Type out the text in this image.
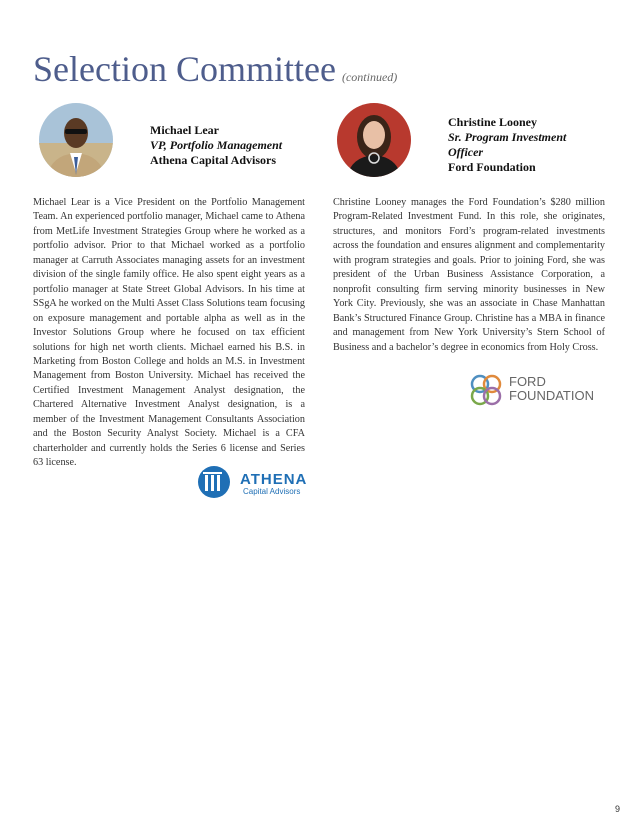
Selection Committee (continued)
Michael Lear
VP, Portfolio Management
Athena Capital Advisors
Michael Lear is a Vice President on the Portfolio Management Team. An experienced portfolio manager, Michael came to Athena from MetLife Investment Strategies Group where he worked as a portfolio advisor. Prior to that Michael worked as a portfolio manager at Carruth Associates managing assets for an investment division of the single family office. He also spent eight years as a portfolio manager at State Street Global Advisors. In his time at SSgA he worked on the Multi Asset Class Solutions team focusing on exposure management and portable alpha as well as in the Investor Solutions Group where he focused on tax efficient solutions for high net worth clients. Michael earned his B.S. in Marketing from Boston College and holds an M.S. in Investment Management from Boston University. Michael has received the Certified Investment Management Analyst designation, the Chartered Alternative Investment Analyst designation, is a member of the Investment Management Consultants Association and the Boston Security Analyst Society. Michael is a CFA charterholder and currently holds the Series 6 license and Series 63 license.
ATHENA
Capital Advisors
Christine Looney
Sr. Program Investment
Officer
Ford Foundation
Christine Looney manages the Ford Foundation’s $280 million Program-Related Investment Fund. In this role, she originates, structures, and monitors Ford’s program-related investments across the foundation and ensures alignment and complementarity with program strategies and goals. Prior to joining Ford, she was president of the Urban Business Assistance Corporation, a nonprofit consulting firm serving minority businesses in New York City. Previously, she was an associate in Chase Manhattan Bank’s Structured Finance Group. Christine has a MBA in finance and management from New York University’s Stern School of Business and a bachelor’s degree in economics from Holy Cross.
FORD
FOUNDATION
9
